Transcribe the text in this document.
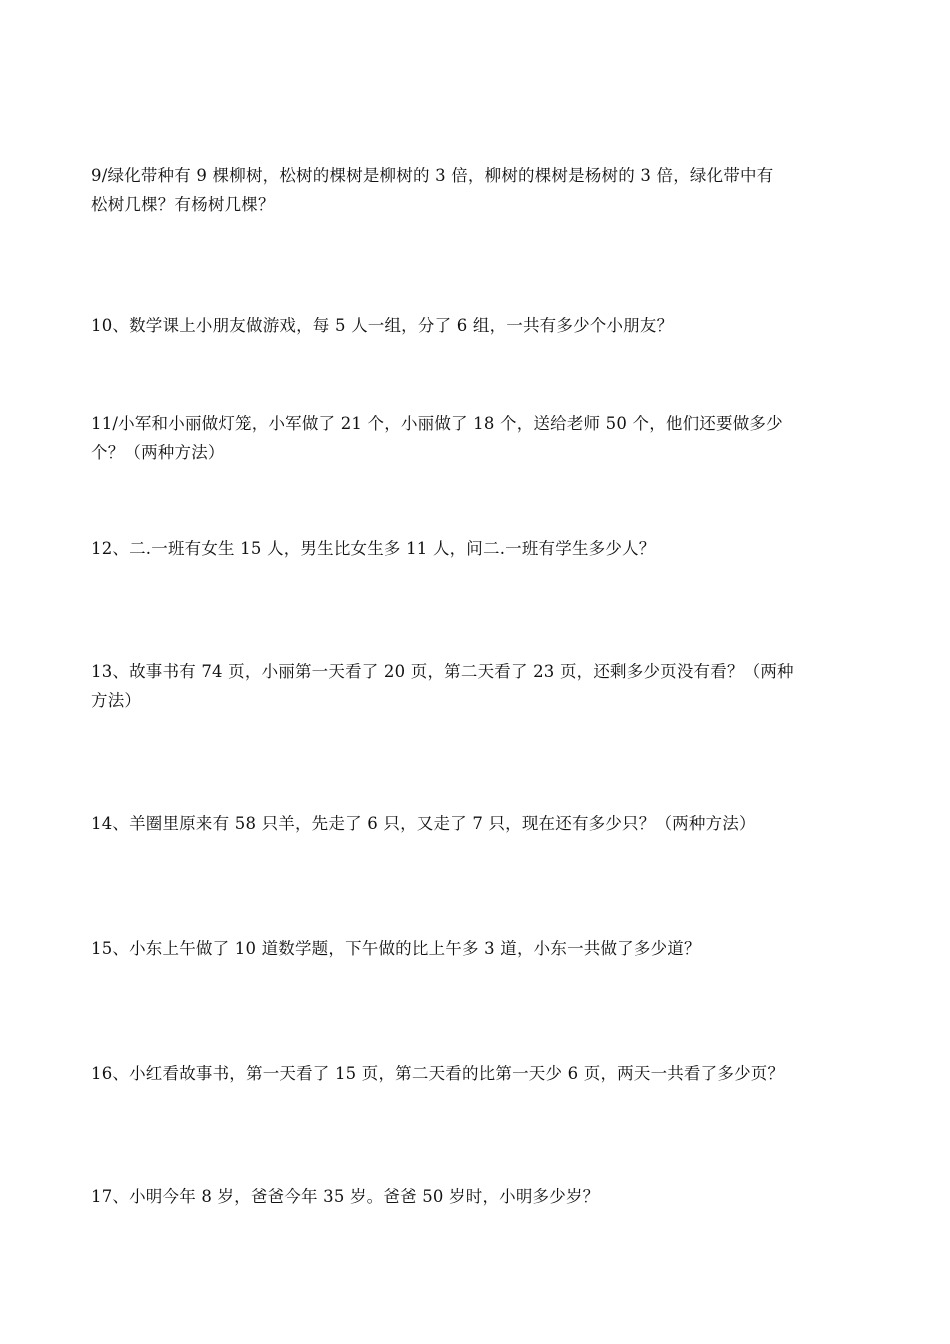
9/绿化带种有 9 棵柳树，松树的棵树是柳树的 3 倍，柳树的棵树是杨树的 3 倍，绿化带中有
松树几棵？有杨树几棵？
10、数学课上小朋友做游戏，每 5 人一组，分了 6 组，一共有多少个小朋友？
11/小军和小丽做灯笼，小军做了 21 个，小丽做了 18 个，送给老师 50 个，他们还要做多少
个？（两种方法）
12、二.一班有女生 15 人，男生比女生多 11 人，问二.一班有学生多少人？
13、故事书有 74 页，小丽第一天看了 20 页，第二天看了 23 页，还剩多少页没有看？（两种
方法）
14、羊圈里原来有 58 只羊，先走了 6 只，又走了 7 只，现在还有多少只？（两种方法）
15、小东上午做了 10 道数学题，下午做的比上午多 3 道，小东一共做了多少道？
16、小红看故事书，第一天看了 15 页，第二天看的比第一天少 6 页，两天一共看了多少页？
17、小明今年 8 岁，爸爸今年 35 岁。爸爸 50 岁时，小明多少岁？
